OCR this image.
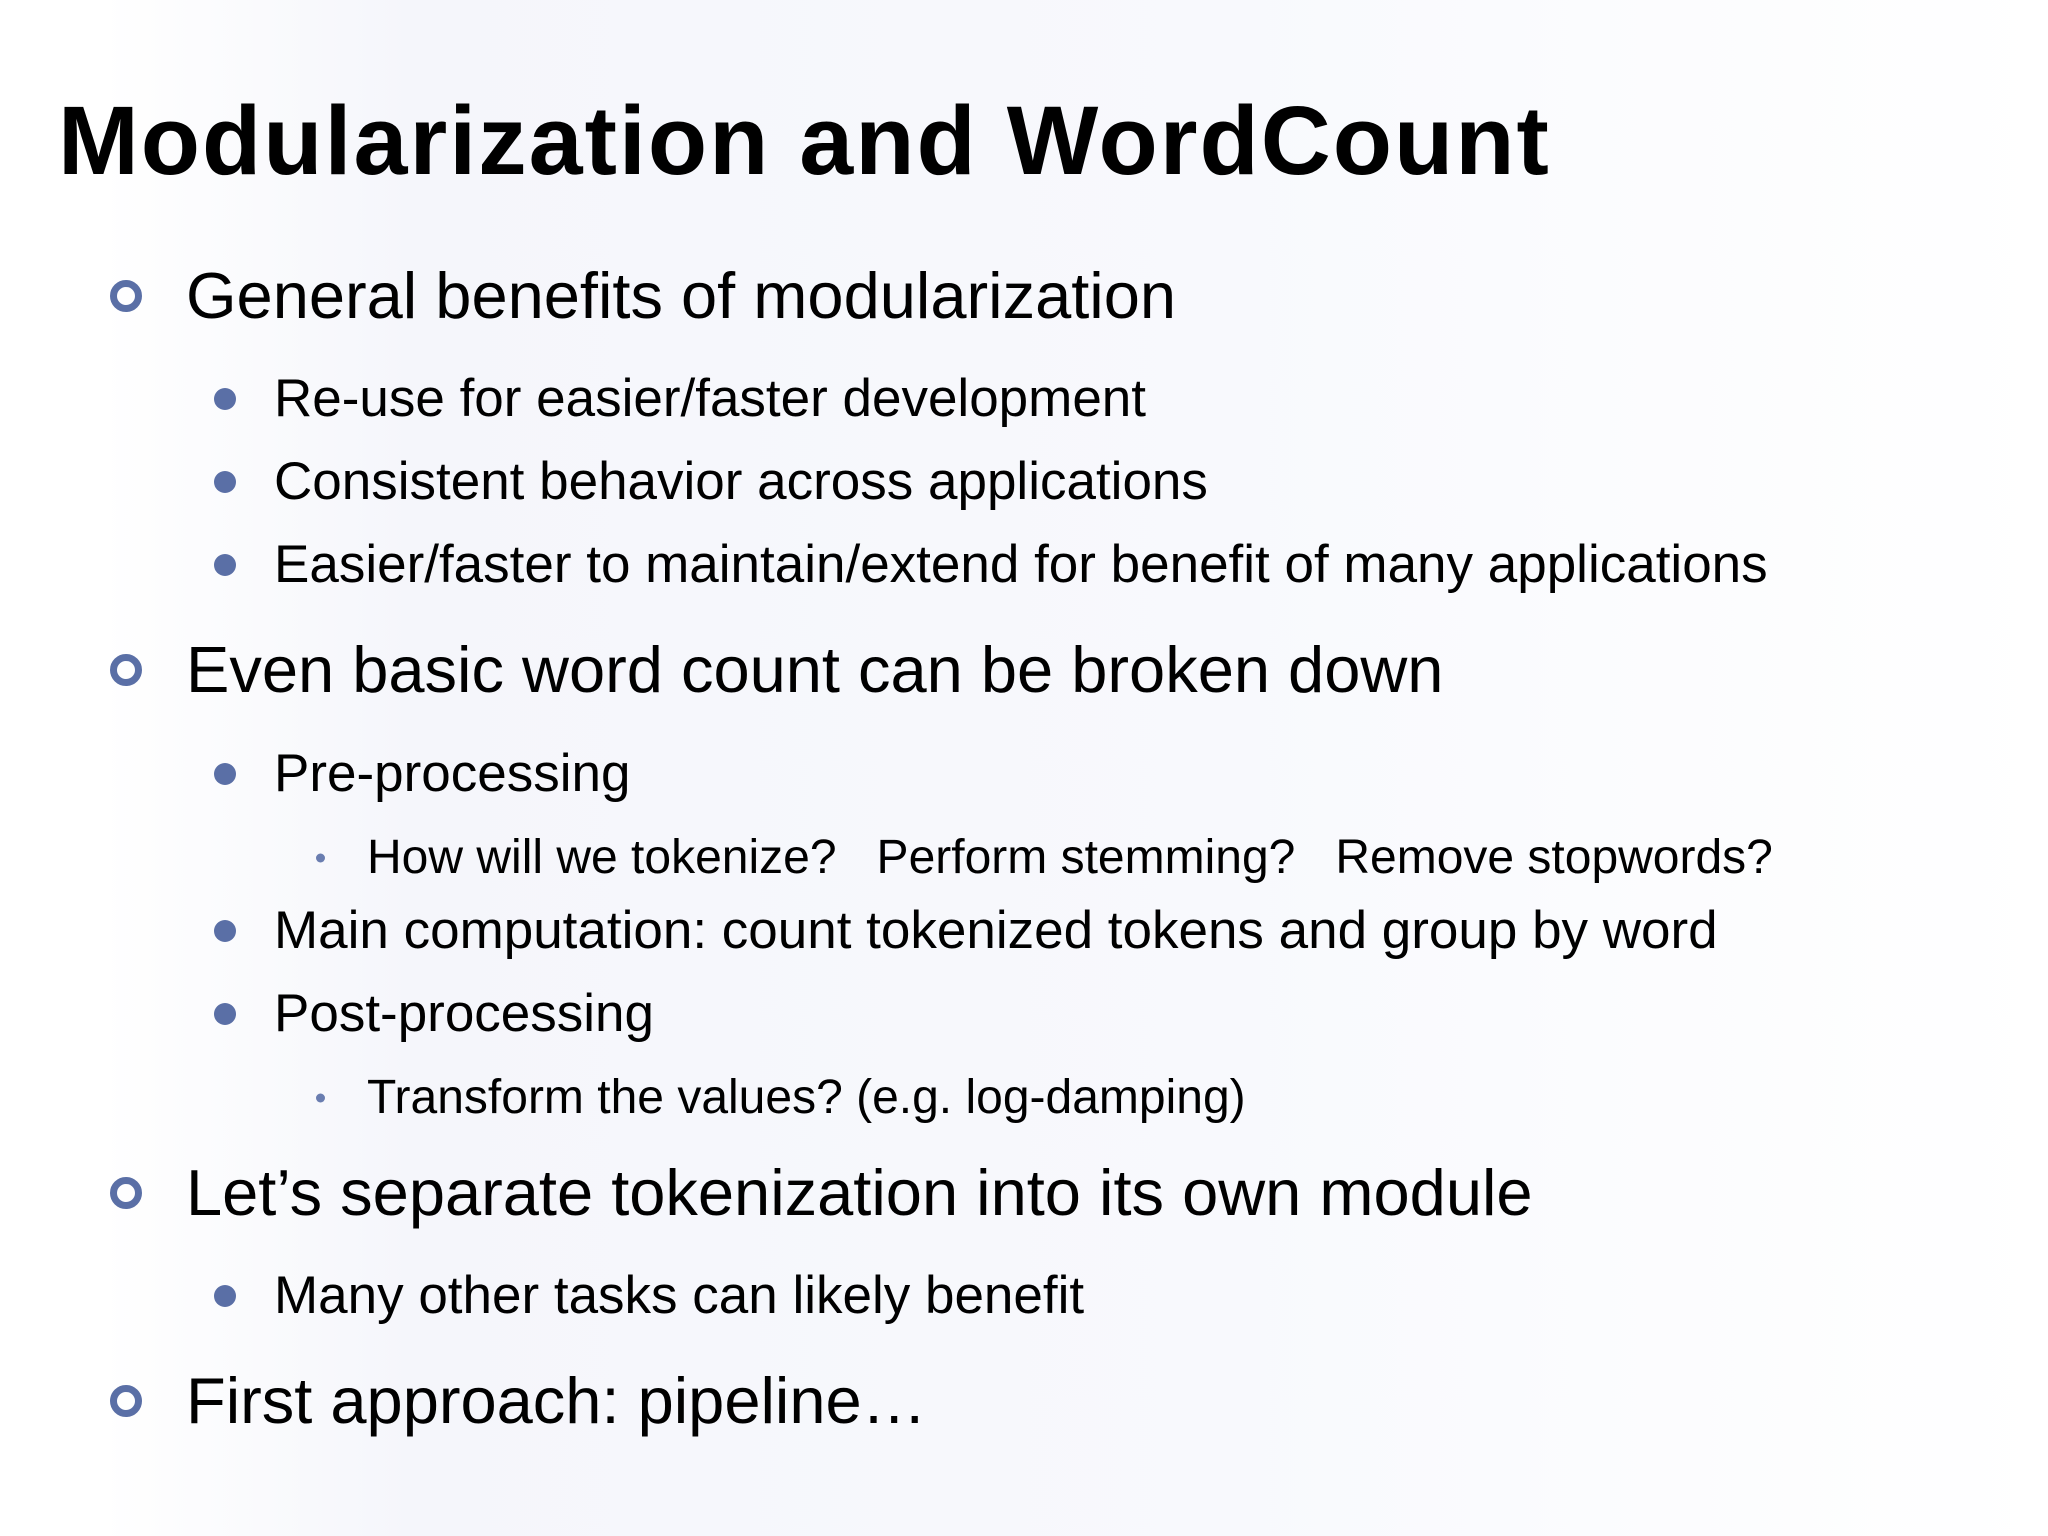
Modularization and WordCount
General benefits of modularization
Re-use for easier/faster development
Consistent behavior across applications
Easier/faster to maintain/extend for benefit of many applications
Even basic word count can be broken down
Pre-processing
How will we tokenize? Perform stemming? Remove stopwords?
Main computation: count tokenized tokens and group by word
Post-processing
Transform the values? (e.g. log-damping)
Let’s separate tokenization into its own module
Many other tasks can likely benefit
First approach: pipeline…
